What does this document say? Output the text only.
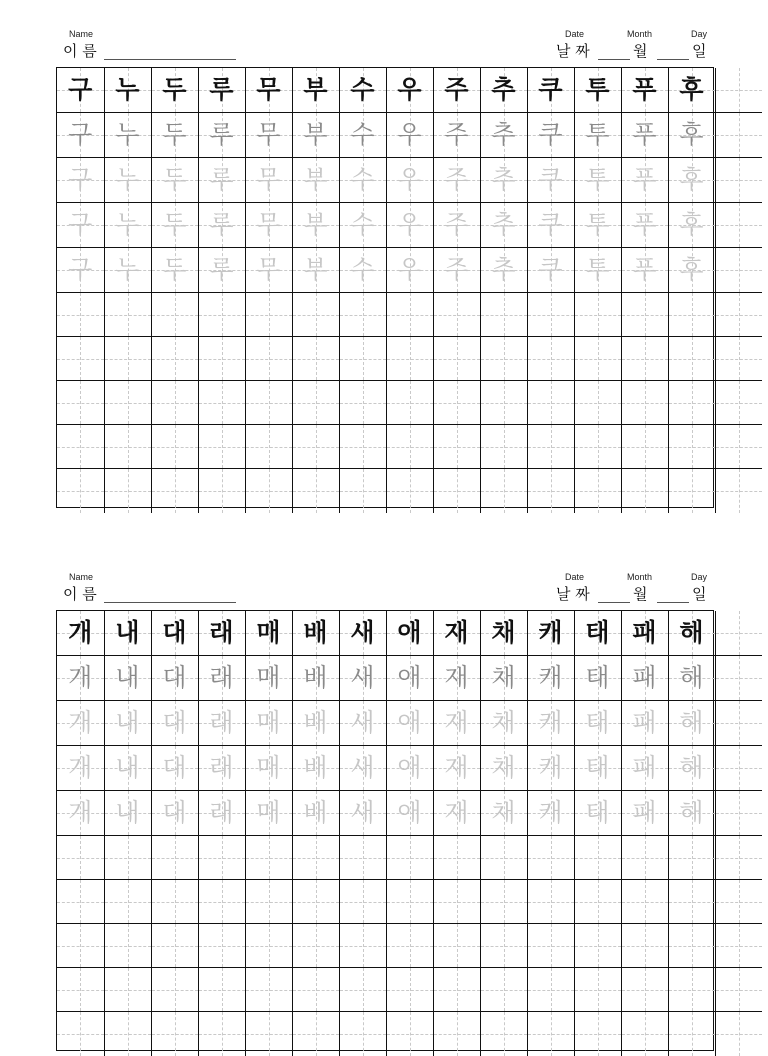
Name
이 름
Date
날 짜
Month
월
Day
일
구	누	두	루	무	부	수	우	주	추	쿠	투	푸	후	

구	누	두	루	무	부	수	우	주	추	쿠	투	푸	후	

구	누	두	루	무	부	수	우	주	추	쿠	투	푸	후	

구	누	두	루	무	부	수	우	주	추	쿠	투	푸	후	

구	누	두	루	무	부	수	우	주	추	쿠	투	푸	후	

Name
이 름
Date
날 짜
Month
월
Day
일
개	내	대	래	매	배	새	애	재	채	캐	태	패	해	

개	내	대	래	매	배	새	애	재	채	캐	태	패	해	

개	내	대	래	매	배	새	애	재	채	캐	태	패	해	

개	내	대	래	매	배	새	애	재	채	캐	태	패	해	

개	내	대	래	매	배	새	애	재	채	캐	태	패	해	
